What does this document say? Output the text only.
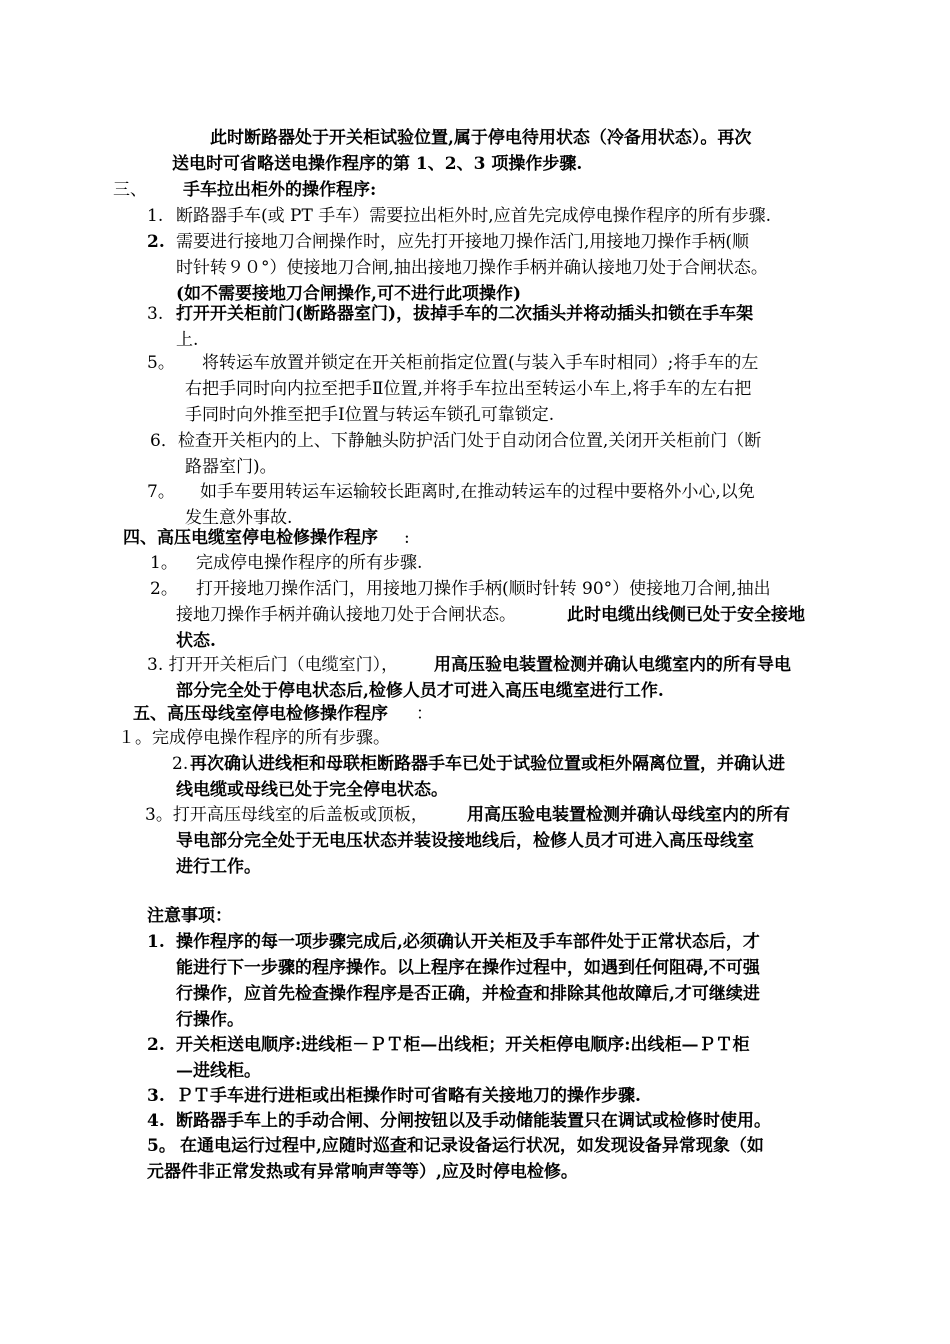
此时断路器处于开关柜试验位置,属于停电待用状态（冷备用状态）。再次
送电时可省略送电操作程序的第 1、2、3 项操作步骤.
三、 手车拉出柜外的操作程序:
1. 断路器手车(或 PT 手车）需要拉出柜外时,应首先完成停电操作程序的所有步骤.
2. 需要进行接地刀合闸操作时，应先打开接地刀操作活门,用接地刀操作手柄(顺
时针转９０°）使接地刀合闸,抽出接地刀操作手柄并确认接地刀处于合闸状态。
(如不需要接地刀合闸操作,可不进行此项操作)
3. 打开开关柜前门(断路器室门)，拔掉手车的二次插头并将动插头扣锁在手车架
上.
5。 将转运车放置并锁定在开关柜前指定位置(与装入手车时相同）;将手车的左
右把手同时向内拉至把手Ⅱ位置,并将手车拉出至转运小车上,将手车的左右把
手同时向外推至把手Ⅰ位置与转运车锁孔可靠锁定.
6．检查开关柜内的上、下静触头防护活门处于自动闭合位置,关闭开关柜前门（断
路器室门)。
7。 如手车要用转运车运输较长距离时,在推动转运车的过程中要格外小心,以免
发生意外事故.
四、高压电缆室停电检修操作程序 :
1。 完成停电操作程序的所有步骤.
2。 打开接地刀操作活门，用接地刀操作手柄(顺时针转 90°）使接地刀合闸,抽出
接地刀操作手柄并确认接地刀处于合闸状态。	此时电缆出线侧已处于安全接地
状态.
3. 打开开关柜后门（电缆室门）， 用高压验电装置检测并确认电缆室内的所有导电
部分完全处于停电状态后,检修人员才可进入高压电缆室进行工作.
五、高压母线室停电检修操作程序 ：
１。完成停电操作程序的所有步骤。
2. 再次确认进线柜和母联柜断路器手车已处于试验位置或柜外隔离位置，并确认进
线电缆或母线已处于完全停电状态。
3。打开高压母线室的后盖板或顶板， 用高压验电装置检测并确认母线室内的所有
导电部分完全处于无电压状态并装设接地线后，检修人员才可进入高压母线室
进行工作。
注意事项：
1. 操作程序的每一项步骤完成后,必须确认开关柜及手车部件处于正常状态后，才
能进行下一步骤的程序操作。以上程序在操作过程中，如遇到任何阻碍,不可强
行操作，应首先检查操作程序是否正确，并检查和排除其他故障后,才可继续进
行操作。
2. 开关柜送电顺序:进线柜－ＰＴ柜—出线柜；开关柜停电顺序:出线柜—ＰＴ柜
—进线柜。
3. ＰＴ手车进行进柜或出柜操作时可省略有关接地刀的操作步骤.
4. 断路器手车上的手动合闸、分闸按钮以及手动储能装置只在调试或检修时使用。
5。 在通电运行过程中,应随时巡查和记录设备运行状况，如发现设备异常现象（如
元器件非正常发热或有异常响声等等）,应及时停电检修。
